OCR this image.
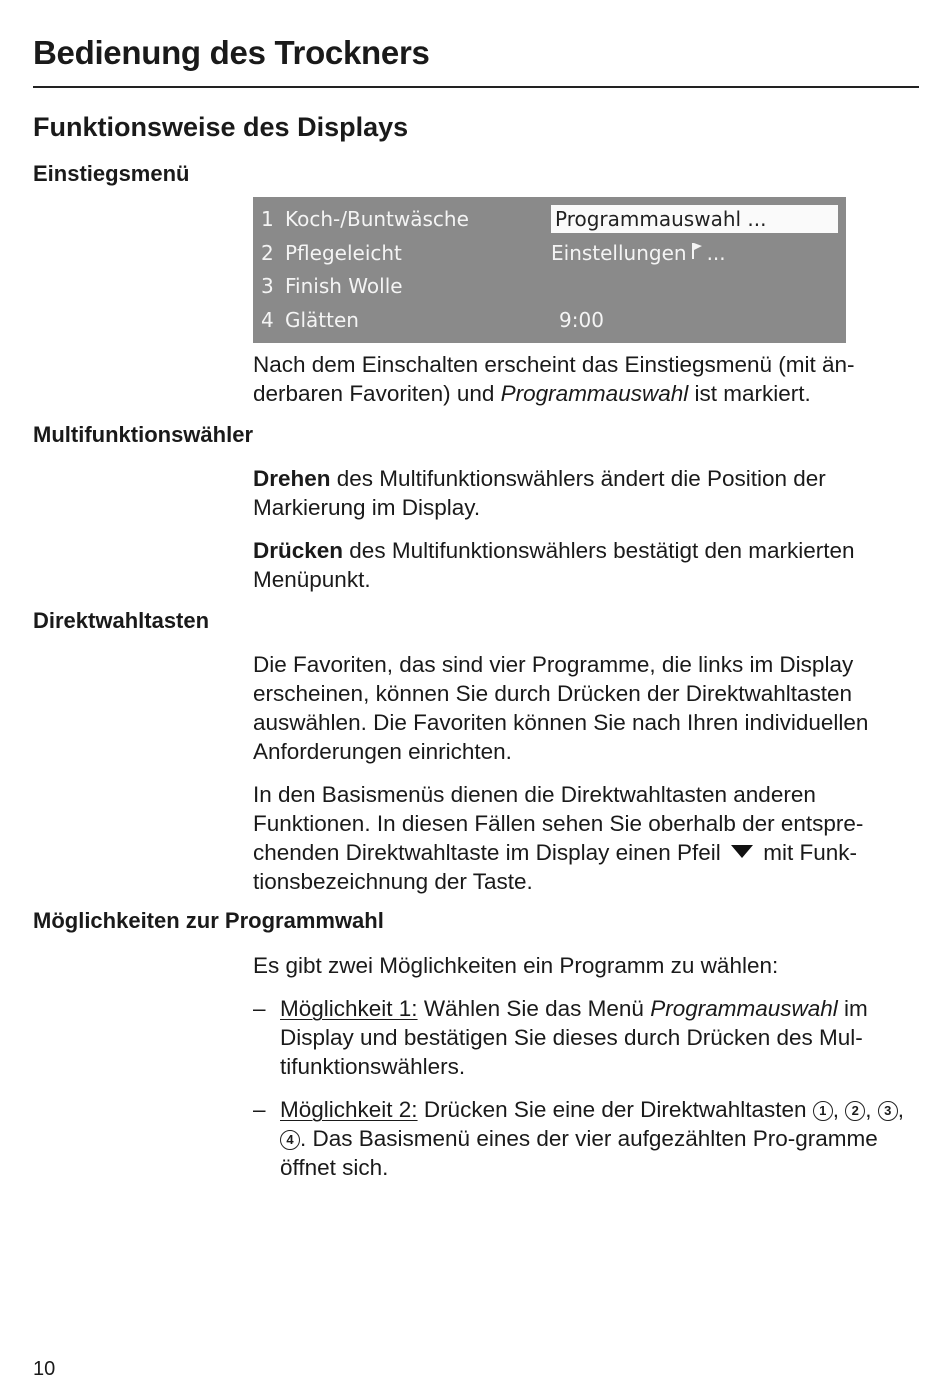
Bedienung des Trockners
Funktionsweise des Displays
Einstiegsmenü
1 Koch-/Buntwäsche
2 Pflegeleicht
3 Finish Wolle
4 Glätten
Programmauswahl ...
Einstellungen ...
9:00

Nach dem Einschalten erscheint das Einstiegsmenü (mit än-derbaren Favoriten) und Programmauswahl ist markiert.

Multifunktionswähler

Drehen des Multifunktionswählers ändert die Position der Markierung im Display.

Drücken des Multifunktionswählers bestätigt den markierten Menüpunkt.

Direktwahltasten

Die Favoriten, das sind vier Programme, die links im Display erscheinen, können Sie durch Drücken der Direktwahltasten auswählen. Die Favoriten können Sie nach Ihren individuellen Anforderungen einrichten.

In den Basismenüs dienen die Direktwahltasten anderen Funktionen. In diesen Fällen sehen Sie oberhalb der entspre-chenden Direktwahltaste im Display einen Pfeil mit Funk-tionsbezeichnung der Taste.

Möglichkeiten zur Programmwahl

Es gibt zwei Möglichkeiten ein Programm zu wählen:

– Möglichkeit 1: Wählen Sie das Menü Programmauswahl im Display und bestätigen Sie dieses durch Drücken des Mul-tifunktionswählers.
– Möglichkeit 2: Drücken Sie eine der Direktwahltasten 1 , 2 , 3 , 4 . Das Basismenü eines der vier aufgezählten Pro-gramme öffnet sich.
10
